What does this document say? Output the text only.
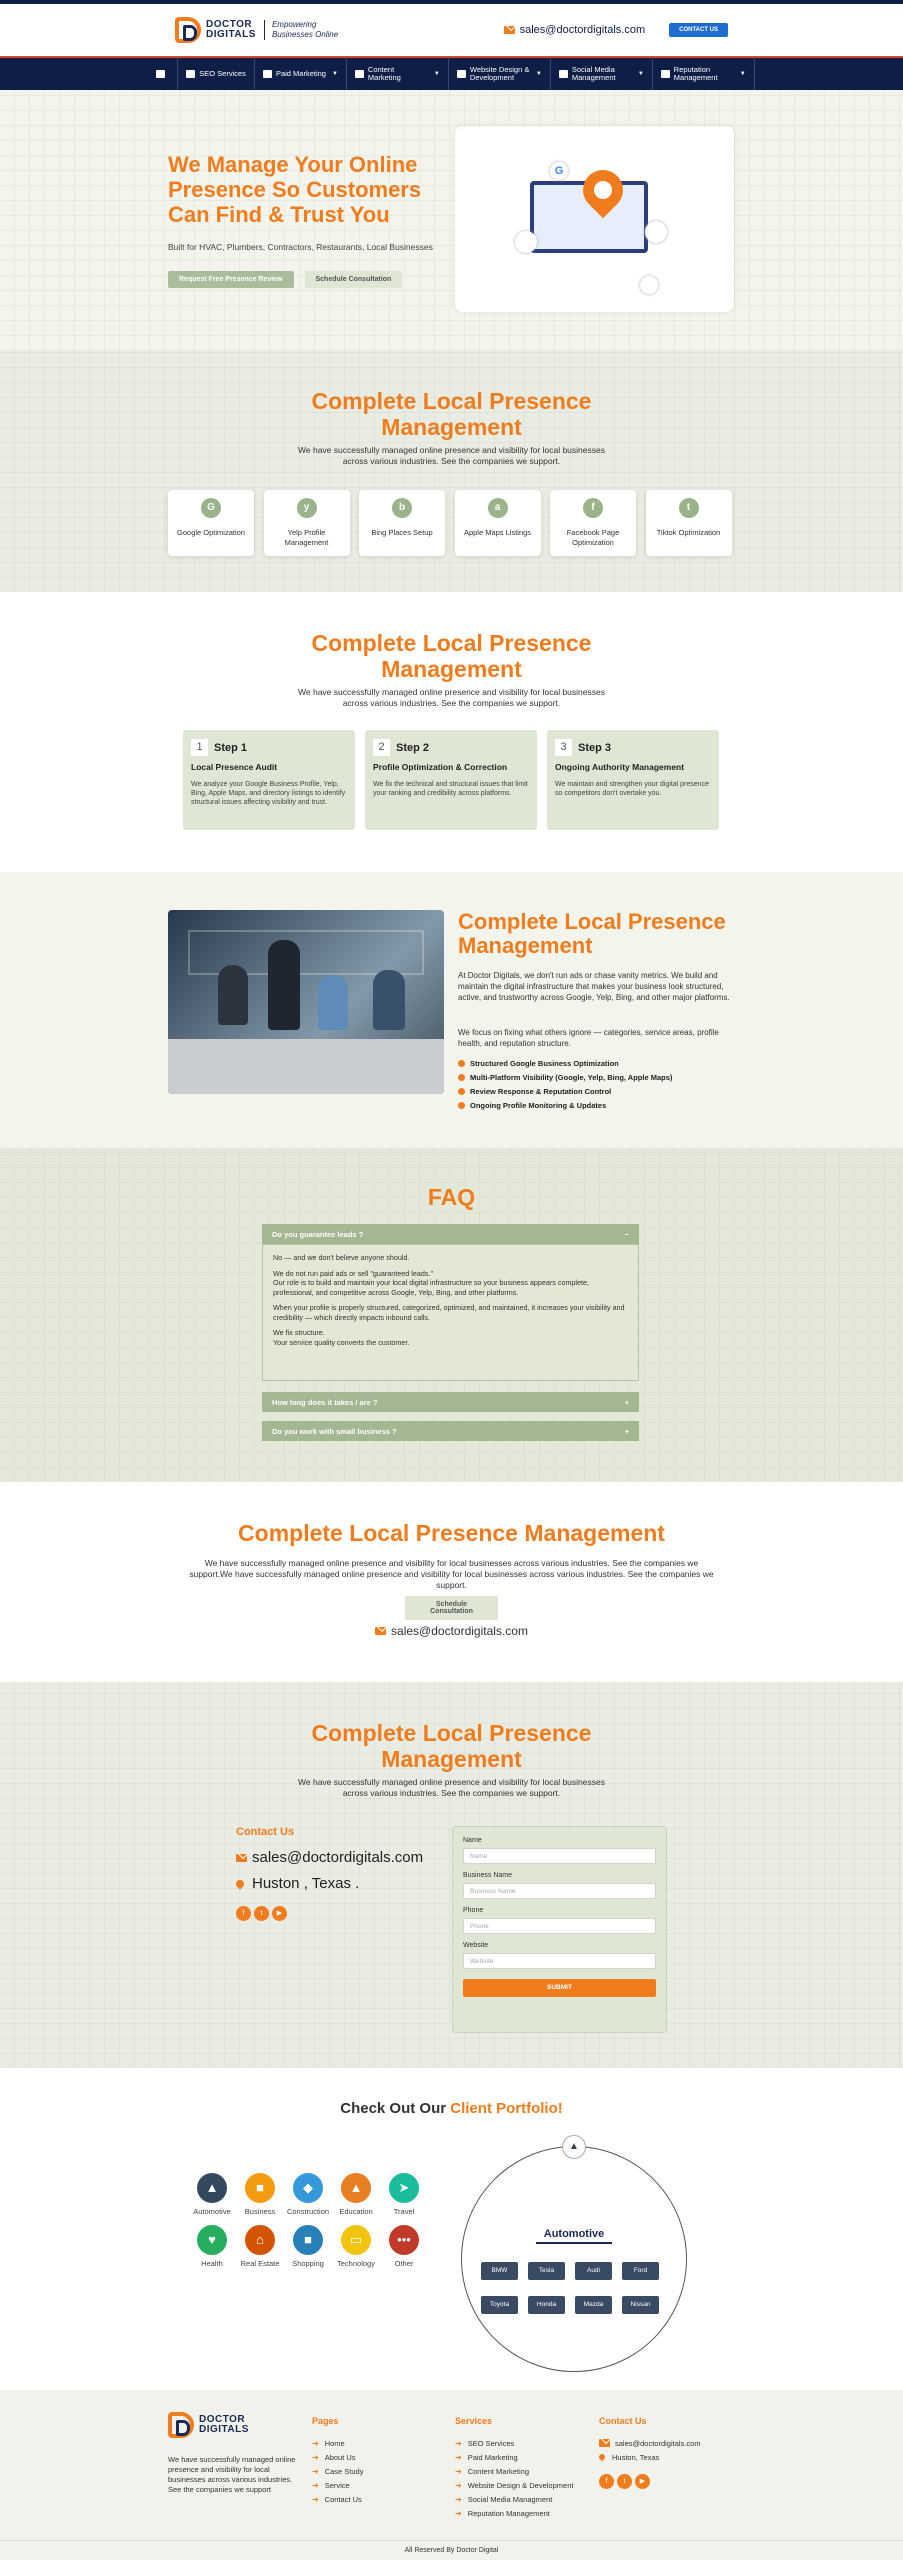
DOCTOR
DIGITALS
Empowering
Businesses Online	sales@doctordigitals.com	CONTACT US
SEO Services	Paid Marketing ▼	Content Marketing	▼	Website Design & Development	▼	Social Media Management	▼	Reputation Management	▼
We Manage Your Online Presence So Customers Can Find & Trust You
Built for HVAC, Plumbers, Contractors, Restaurants, Local Businesses
Request Free Presence Review	Schedule Consultation
G
Complete Local Presence Management
We have successfully managed online presence and visibility for local businesses across various industries. See the companies we support.
G
Google Optimization
y
Yelp Profile Management
b
Bing Places Setup
a
Apple Maps Listings
f
Facebook Page Optimization
t
Tiktok Optimization
Complete Local Presence Management
We have successfully managed online presence and visibility for local businesses across various industries. See the companies we support.
1	Step 1
Local Presence Audit
We analyze your Google Business Profile, Yelp, Bing, Apple Maps, and directory listings to identify structural issues affecting visibility and trust.
2	Step 2
Profile Optimization & Correction
We fix the technical and structural issues that limit your ranking and credibility across platforms.
3	Step 3
Ongoing Authority Management
We maintain and strengthen your digital presence so competitors don't overtake you.
Complete Local Presence Management
At Doctor Digitals, we don't run ads or chase vanity metrics. We build and maintain the digital infrastructure that makes your business look structured, active, and trustworthy across Google, Yelp, Bing, and other major platforms.
We focus on fixing what others ignore — categories, service areas, profile health, and reputation structure.
Structured Google Business Optimization
Multi-Platform Visibility (Google, Yelp, Bing, Apple Maps)
Review Response & Reputation Control
Ongoing Profile Monitoring & Updates
FAQ
Do you guarantee leads ?	−
How long does it takes / are ?	+
Do you work with small business ?	+

No — and we don't believe anyone should.

We do not run paid ads or sell "guaranteed leads."
Our role is to build and maintain your local digital infrastructure so your business appears complete, professional, and competitive across Google, Yelp, Bing, and other platforms.

When your profile is properly structured, categorized, optimized, and maintained, it increases your visibility and credibility — which directly impacts inbound calls.

We fix structure.
Your service quality converts the customer.

Complete Local Presence Management
We have successfully managed online presence and visibility for local businesses across various industries. See the companies we support.We have successfully managed online presence and visibility for local businesses across various industries. See the companies we support.
Schedule Consultation
sales@doctordigitals.com
Complete Local Presence Management
We have successfully managed online presence and visibility for local businesses across various industries. See the companies we support.
Contact Us
sales@doctordigitals.com
Huston , Texas .
f t ▶
Name
Name
Business Name
Business Name
Phone
Phone
Website
Website
SUBMIT
Check Out Our Client Portfolio!
▲
Automotive
■
Business
◆
Construction
▲
Education
➤
Travel
♥
Health
⌂
Real Estate
■
Shopping
▭
Technology
•••
Other
▲
Automotive
BMW	Tesla	Audi	Ford
Toyota	Honda	Mazda	Nissan
DOCTOR
DIGITALS
We have successfully managed online presence and visibility for local businesses across various industries. See the companies we support
Pages
➜ Home
➜ About Us
➜ Case Study
➜ Service
➜ Contact Us
Services
➜ SEO Services
➜ Paid Marketing
➜ Content Marketing
➜ Website Design & Development
➜ Social Media Managment
➜ Reputation Management
Contact Us
sales@doctordigitals.com
Huston, Texas
f t ▶
All Reserved By Doctor Digital
